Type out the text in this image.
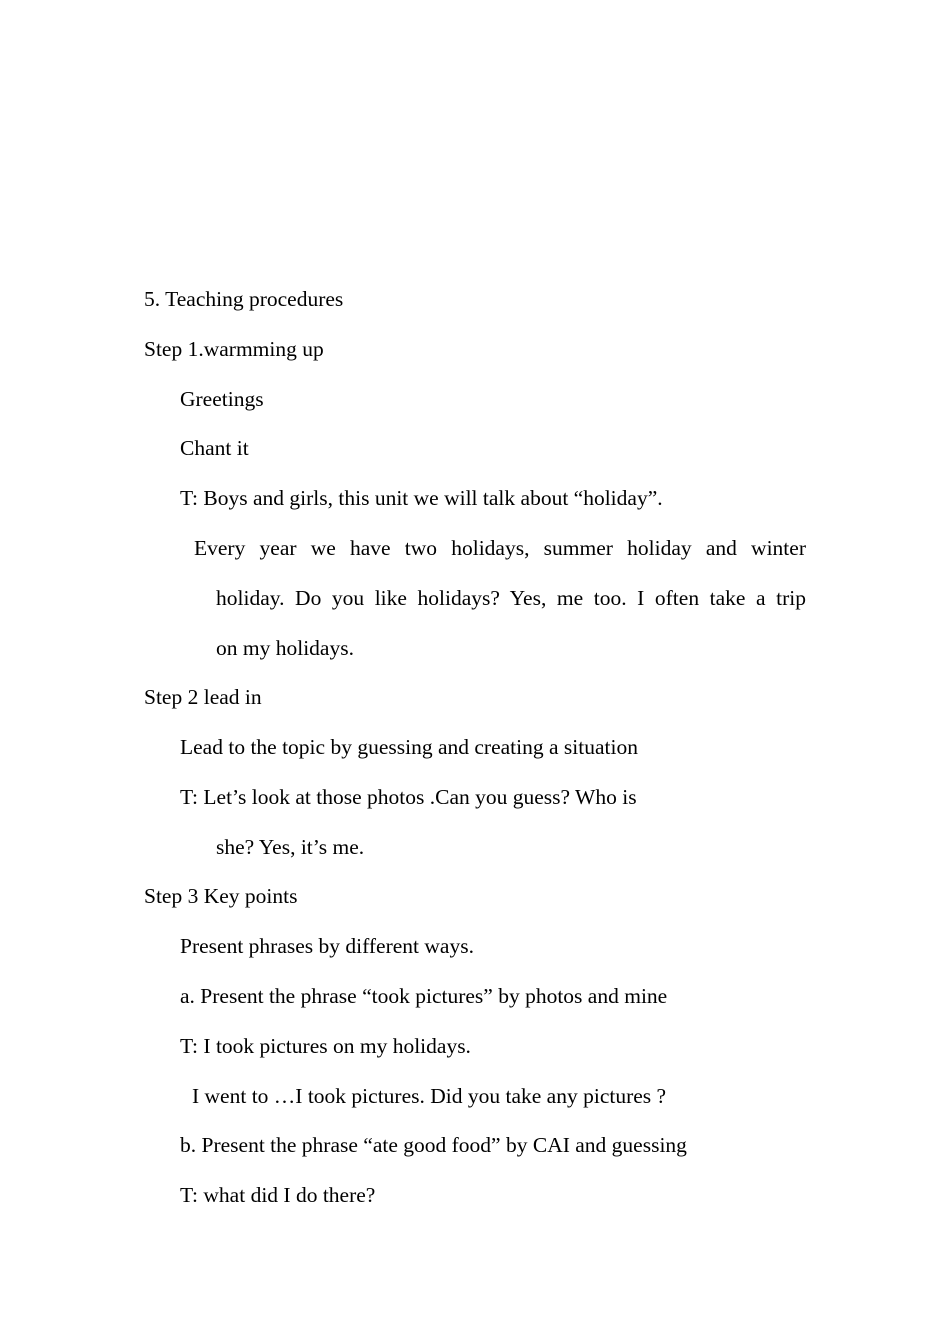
5. Teaching procedures
Step 1.warmming up
Greetings
Chant it
T: Boys and girls, this unit we will talk about “holiday”.
Every year we have two holidays, summer holiday and winter
holiday. Do you like holidays? Yes, me too. I often take a trip
on my holidays.
Step 2 lead in
Lead to the topic by guessing and creating a situation
T: Let’s look at those photos .Can you guess? Who is
she? Yes, it’s me.
Step 3 Key points
Present phrases by different ways.
a. Present the phrase “took pictures” by photos and mine
T: I took pictures on my holidays.
I went to …I took pictures. Did you take any pictures ?
b. Present the phrase “ate good food” by CAI and guessing
T: what did I do there?
